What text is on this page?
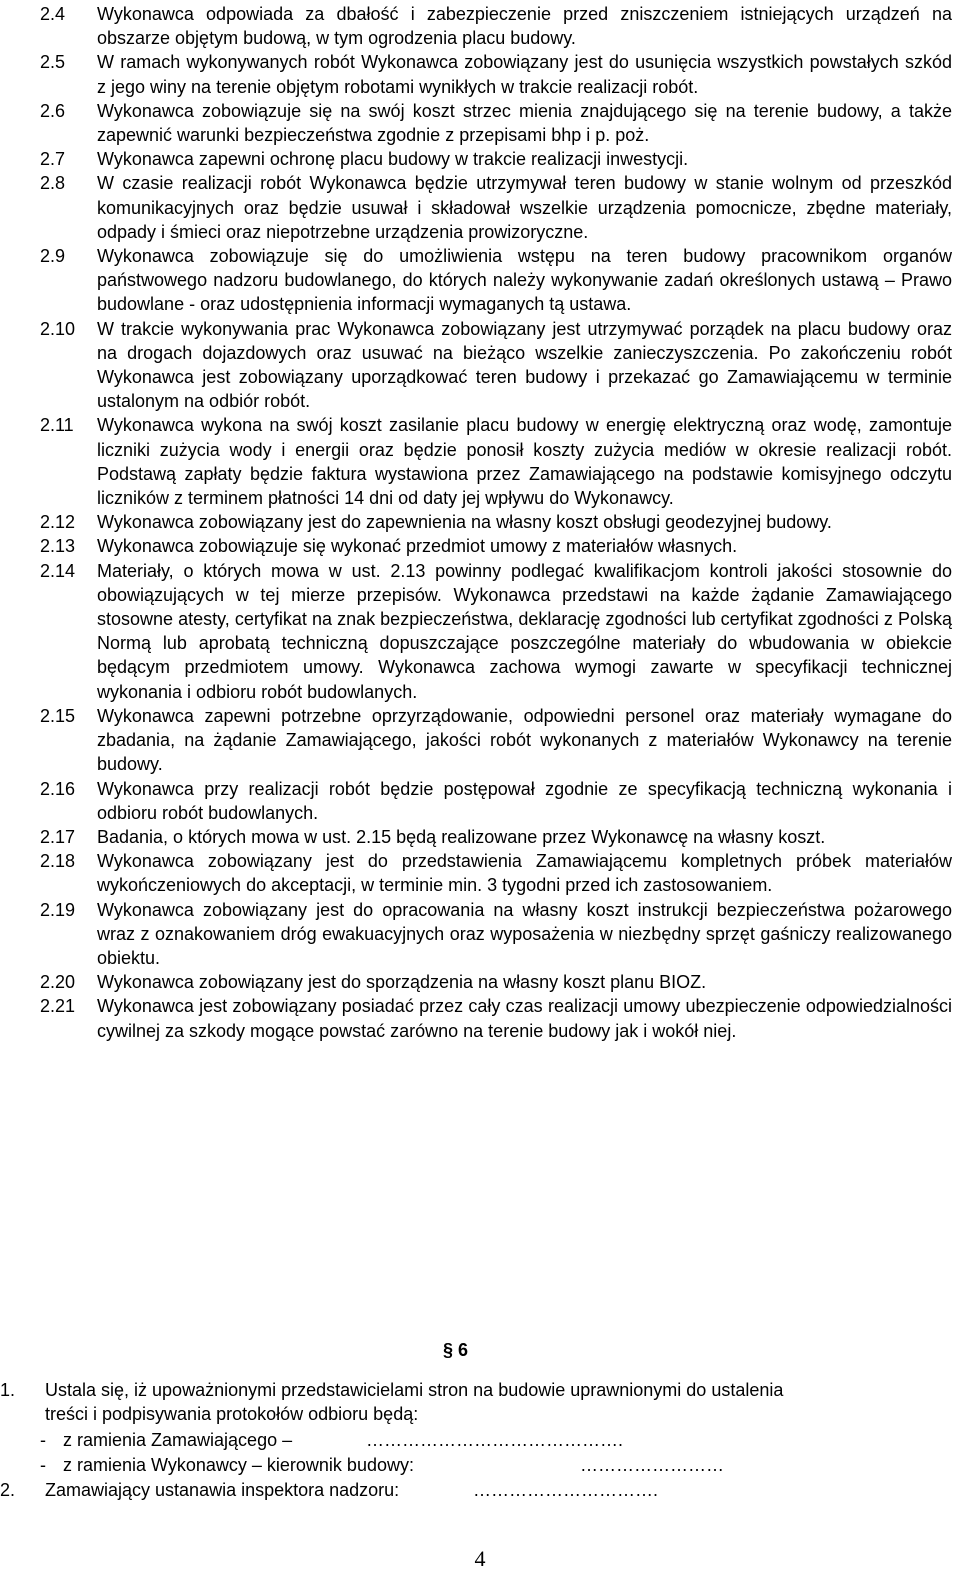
2.4	Wykonawca odpowiada za dbałość i zabezpieczenie przed zniszczeniem istniejących urządzeń na obszarze objętym budową, w tym ogrodzenia placu budowy.
2.5	W ramach wykonywanych robót Wykonawca zobowiązany jest do usunięcia wszystkich powstałych szkód z jego winy na terenie objętym robotami wynikłych w trakcie realizacji robót.
2.6	Wykonawca zobowiązuje się na swój koszt strzec mienia znajdującego się na terenie budowy, a także zapewnić warunki bezpieczeństwa zgodnie z przepisami bhp i p. poż.
2.7	Wykonawca zapewni ochronę placu budowy w trakcie realizacji inwestycji.
2.8	W czasie realizacji robót Wykonawca będzie utrzymywał teren budowy w stanie wolnym od przeszkód komunikacyjnych oraz będzie usuwał i składował wszelkie urządzenia pomocnicze, zbędne materiały, odpady i śmieci oraz niepotrzebne urządzenia prowizoryczne.
2.9	Wykonawca zobowiązuje się do umożliwienia wstępu na teren budowy pracownikom organów państwowego nadzoru budowlanego, do których należy wykonywanie zadań określonych ustawą – Prawo budowlane - oraz udostępnienia informacji wymaganych tą ustawa.
2.10	W trakcie wykonywania prac Wykonawca zobowiązany jest utrzymywać porządek na placu budowy oraz na drogach dojazdowych oraz usuwać na bieżąco wszelkie zanieczyszczenia. Po zakończeniu robót Wykonawca jest zobowiązany uporządkować teren budowy i przekazać go Zamawiającemu w terminie ustalonym na odbiór robót.
2.11	Wykonawca wykona na swój koszt zasilanie placu budowy w energię elektryczną oraz wodę, zamontuje liczniki zużycia wody i energii oraz będzie ponosił koszty zużycia mediów w okresie realizacji robót. Podstawą zapłaty będzie faktura wystawiona przez Zamawiającego na podstawie komisyjnego odczytu liczników z terminem płatności 14 dni od daty jej wpływu do Wykonawcy.
2.12	Wykonawca zobowiązany jest do zapewnienia na własny koszt obsługi geodezyjnej budowy.
2.13	Wykonawca zobowiązuje się wykonać przedmiot umowy z materiałów własnych.
2.14	Materiały, o których mowa w ust. 2.13 powinny podlegać kwalifikacjom kontroli jakości stosownie do obowiązujących w tej mierze przepisów. Wykonawca przedstawi na każde żądanie Zamawiającego stosowne atesty, certyfikat na znak bezpieczeństwa, deklarację zgodności lub certyfikat zgodności z Polską Normą lub aprobatą techniczną dopuszczające poszczególne materiały do wbudowania w obiekcie będącym przedmiotem umowy. Wykonawca zachowa wymogi zawarte w specyfikacji technicznej wykonania i odbioru robót budowlanych.
2.15	Wykonawca zapewni potrzebne oprzyrządowanie, odpowiedni personel oraz materiały wymagane do zbadania, na żądanie Zamawiającego, jakości robót wykonanych z materiałów Wykonawcy na terenie budowy.
2.16	Wykonawca przy realizacji robót będzie postępował zgodnie ze specyfikacją techniczną wykonania i odbioru robót budowlanych.
2.17	Badania, o których mowa w ust. 2.15 będą realizowane przez Wykonawcę na własny koszt.
2.18	Wykonawca zobowiązany jest do przedstawienia Zamawiającemu kompletnych próbek materiałów wykończeniowych do akceptacji, w terminie min. 3 tygodni przed ich zastosowaniem.
2.19	Wykonawca zobowiązany jest do opracowania na własny koszt instrukcji bezpieczeństwa pożarowego wraz z oznakowaniem dróg ewakuacyjnych oraz wyposażenia w niezbędny sprzęt gaśniczy realizowanego obiektu.
2.20	Wykonawca zobowiązany jest do sporządzenia na własny koszt planu BIOZ.
2.21	Wykonawca jest zobowiązany posiadać przez cały czas realizacji umowy ubezpieczenie odpowiedzialności cywilnej za szkody mogące powstać zarówno na terenie budowy jak i wokół niej.
§ 6
1. Ustala się, iż upoważnionymi przedstawicielami stron na budowie uprawnionymi do ustalenia
treści i podpisywania protokołów odbioru będą:
- z ramienia Zamawiającego –	…………………………………….
- z ramienia Wykonawcy – kierownik budowy:	……………………
2. Zamawiający ustanawia inspektora nadzoru:	………………………….
4
